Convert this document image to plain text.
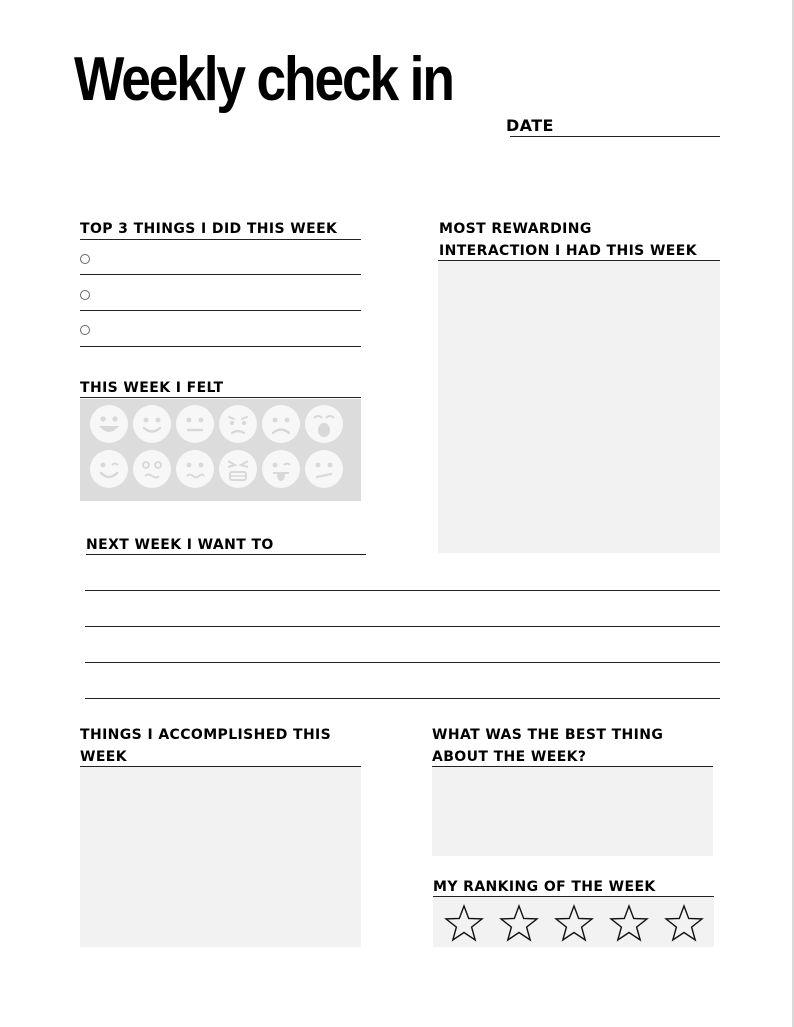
Weekly check in
DATE
TOP 3 THINGS I DID THIS WEEK	MOST REWARDING
INTERACTION I HAD THIS WEEK
THIS WEEK I FELT
NEXT WEEK I WANT TO
THINGS I ACCOMPLISHED THIS
WEEK
WHAT WAS THE BEST THING
ABOUT THE WEEK?
MY RANKING OF THE WEEK
